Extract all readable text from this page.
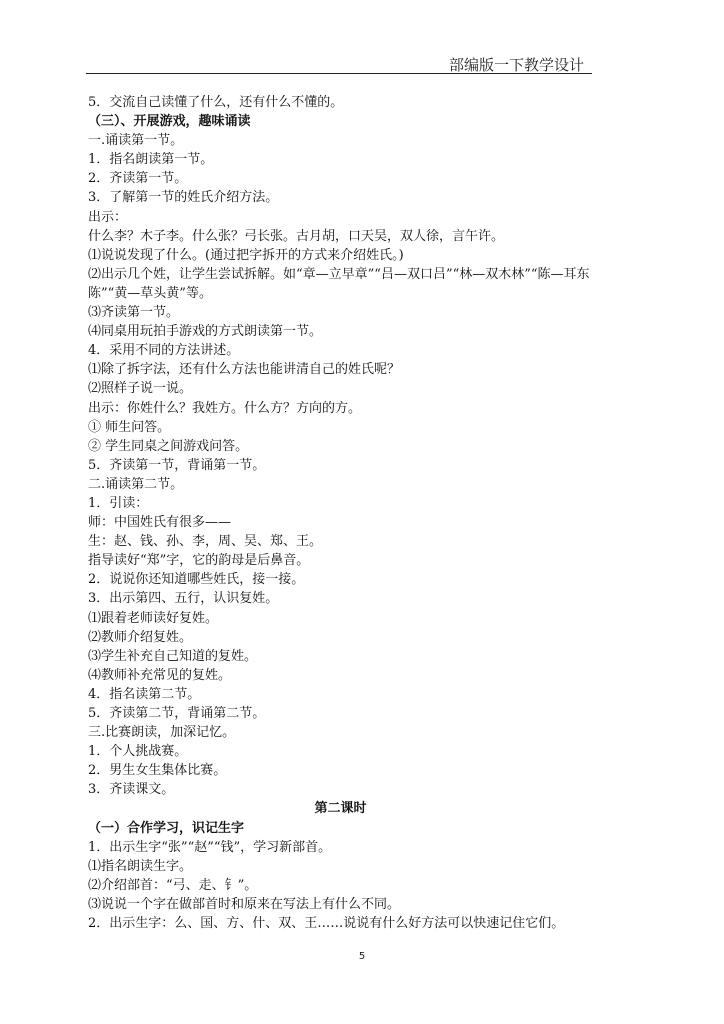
部编版一下教学设计
5．交流自己读懂了什么，还有什么不懂的。
（三）、开展游戏，趣味诵读
一.诵读第一节。
1．指名朗读第一节。
2．齐读第一节。
3．了解第一节的姓氏介绍方法。
出示：
什么李？木子李。什么张？弓长张。古月胡，口天吴，双人徐，言午许。
⑴说说发现了什么。(通过把字拆开的方式来介绍姓氏。)
⑵出示几个姓，让学生尝试拆解。如“章—立早章”“吕—双口吕”“林—双木林”“陈—耳东陈”“黄—草头黄”等。
⑶齐读第一节。
⑷同桌用玩拍手游戏的方式朗读第一节。
4．采用不同的方法讲述。
⑴除了拆字法，还有什么方法也能讲清自己的姓氏呢？
⑵照样子说一说。
出示：你姓什么？我姓方。什么方？方向的方。
① 师生问答。
② 学生同桌之间游戏问答。
5．齐读第一节，背诵第一节。
二.诵读第二节。
1．引读：
师：中国姓氏有很多——
生：赵、钱、孙、李，周、吴、郑、王。
指导读好“郑”字，它的韵母是后鼻音。
2．说说你还知道哪些姓氏，接一接。
3．出示第四、五行，认识复姓。
⑴跟着老师读好复姓。
⑵教师介绍复姓。
⑶学生补充自己知道的复姓。
⑷教师补充常见的复姓。
4．指名读第二节。
5．齐读第二节，背诵第二节。
三.比赛朗读，加深记忆。
1．个人挑战赛。
2．男生女生集体比赛。
3．齐读课文。
第二课时
（一）合作学习，识记生字
1．出示生字“张”“赵”“钱”，学习新部首。
⑴指名朗读生字。
⑵介绍部首：“弓、走、钅”。
⑶说说一个字在做部首时和原来在写法上有什么不同。
2．出示生字：么、国、方、什、双、王……说说有什么好方法可以快速记住它们。
5
